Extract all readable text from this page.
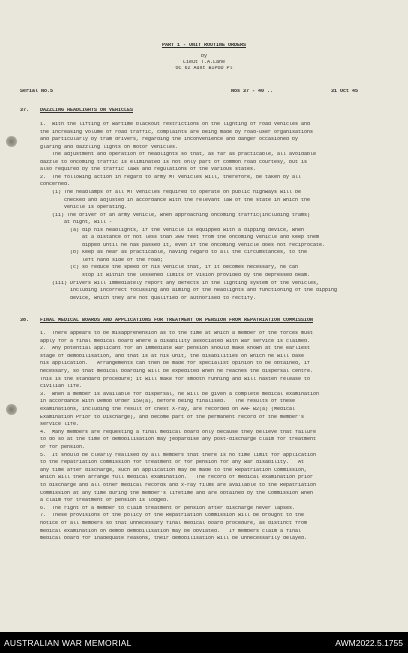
PART 1 - UNIT ROUTINE ORDERS
by
Lieut T.A.Lane
OC 62 Aust BIPOD Pl
Serial No.5	Nos 37 - 40 ..	31 Oct 45
37. DAZZLING HEADLIGHTS ON VEHICLES
1.  With the lifting of wartime blackout restrictions on the lighting of road vehicles and
the increasing volume of road traffic, complaints are being made by road-user organisations
and particularly by tram drivers, regarding the inconvenience and danger occasioned by
glaring and dazzling lights on motor vehicles.
The adjustment and operation of headlights so that, as far as practicable, all avoidable
dazzle to oncoming traffic is eliminated is not only part of common road courtesy, but is
also required by the traffic laws and regulations of the various states.
2.  The following action in regard to army MT vehicles will, therefore, be taken by all
concerned.
(i) The headlamps of all MT vehicles required to operate on public highways will be
checked and adjusted in accordance with the relevant law of the state in which the
vehicle is operating.
(ii) The driver of an army vehicle, when approaching oncoming traffic(including trams)
at night, will -
(a) dip his headlights, if the vehicle is equipped with a dipping device, when
at a distance of not less than 300 feet from the oncoming vehicle and keep them
dipped until he has passed it, even if the oncoming vehicle does not reciprocate.
(b) keep as near as practicable, having regard to all the circumstances, to the
left hand side of the road;
(c) so reduce the speed of his vehicle that, if it becomes necessary, he can
stop it within the lessened limits of vision provided by the depressed beam.
(iii) Drivers will immediately report any defects in the lighting system of the vehicles,
including incorrect focussing and aiming of the headlights and functioning of the dipping
device, which they are not qualified or authorised to rectify.
38. FINAL MEDICAL BOARDS AND APPLICATIONS FOR TREATMENT OR PENSION FROM REPATRIATION COMMISSION
1.  There appears to be misapprehension as to the time at which a member of the forces must
apply for a final medical board where a disability associated with war service is claimed.
2.  Any potential applicant for an immediate war pension should make known at the earliest
stage of demobilisation, and that is at his unit, the disabilities on which he will base
his application.   Arrangements can then be made for specialist opinion to be obtained, if
necessary, so that medical boarding will be expedited when he reaches the dispersal centre.
This is the standard procedure; it will make for smooth running and will hasten release to
civilian life.
3.  When a member is available for dispersal, he will be given a complete medical examination
in accordance with Demob Order 150(a), before being finalised.   The results of these
examinations, including the result of chest X-ray, are recorded on AAF B2(a) (Medical
Examination Prior to Discharge), and become part of the permanent record of the member's
service life.
4.  Many members are requesting a final medical board only because they believe that failure
to do so at the time of demobilisation may jeopardise any post-discharge claim for treatment
or for pension.
5.  It should be clearly realised by all members that there is no time limit for application
to the repatriation commission for treatment or for pension for any war disability.   At
any time after discharge, such an application may be made to the Repatriation Commission,
which will then arrange full medical examination.   The record of medical examination prior
to discharge and all other medical records and x-ray films are available to the Repatriation
Commission at any time during the member's lifetime and are obtained by the Commission when
a claim for treatment or pension is lodged.
6.  The right of a member to claim treatment or pension after discharge never lapses.
7.  These provisions of the policy of the Repatriation Commission will be brought to the
notice of all members so that unnecessary final medical board procedure, as distinct from
medical examination on demob demobilisation may be obviated.   If members claim a final
medical board for inadequate reasons, their demobilisation will be unnecessarily delayed.
AUSTRALIAN WAR MEMORIAL	AWM2022.5.1755
